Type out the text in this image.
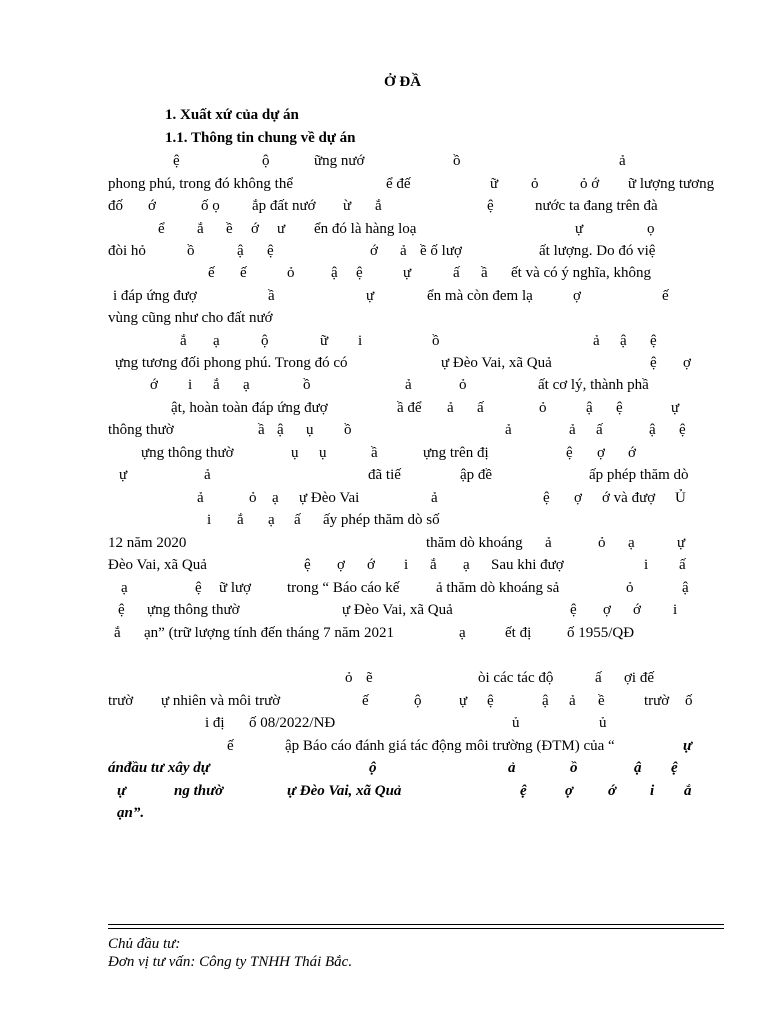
Ở ĐẦ
1. Xuất xứ của dự án
1.1. Thông tin chung về dự án
ệ	ộ	ững nướ	ồ	ả
phong phú, trong đó không thể	ể đế	ữ ỏ	ỏ ớ ữ lượng tương
đố ớ	ố ọ ắp đất nướ ừ ắ	ệ	nước ta đang trên đà
ể ắ ề ớ ư ển đó là hàng loạ	ự	ọ
đòi hỏ	ồ	ậ ệ	ớ ả ề ố lượ	ất lượng. Do đó việ
ế ế	ỏ ậ ệ	ự	ấ ầ ết và có ý nghĩa, không
i đáp ứng đượ	ầ	ự	ển mà còn đem lạ	ợ	ế
vùng cũng như cho đất nướ
ắ ạ	ộ	ữ i	ồ	ả ậ ệ
ựng tương đối phong phú. Trong đó có	ự Đèo Vai, xã Quả	ệ ợ
ớ i ắ ạ	ồ	ả	ỏ	ất cơ lý, thành phầ
ật, hoàn toàn đáp ứng đượ	ầ để ả ấ	ỏ	ậ ệ	ự
thông thườ	ầ ậ ụ ồ	ả	ả ấ	ậ ệ
ựng thông thườ	ụ ụ	ầ	ựng trên đị	ệ ợ ớ
ự	ả	đã tiế	ập đề	ấp phép thăm dò
ả	ỏ ạ ự Đèo Vai	ả	ệ ợ ớ và đượ Ủ
i ắ ạ ấ ấy phép thăm dò số
12 năm 2020	thăm dò khoáng ả	ỏ ạ	ự
Đèo Vai, xã Quả	ệ ợ ớ i ắ ạ Sau khi đượ	i ấ
ạ	ệ ữ lượ trong “ Báo cáo kế ả thăm dò khoáng sả	ỏ	ậ
ệ ựng thông thườ	ự Đèo Vai, xã Quả	ệ ợ ớ i
ắ ạn” (trữ lượng tính đến tháng 7 năm 2021	ạ	ết đị ố 1955/QĐ
ỏ ẽ	òi các tác độ	ấ ợi đế
trườ ự nhiên và môi trườ	ế	ộ	ự ệ	ậ ả ề	trườ ố
i đị ố 08/2022/NĐ	ủ	ủ
ế	ập Báo cáo đánh giá tác động môi trường (ĐTM) của “	ự
ánđầu tư xây dự	ộ	ả	ồ	ậ ệ
ự	ng thườ	ự Đèo Vai, xã Quả	ệ	ợ ớ i ắ
ạn”.
Chủ đầu tư:
Đơn vị tư vấn: Công ty TNHH Thái Bắc.
